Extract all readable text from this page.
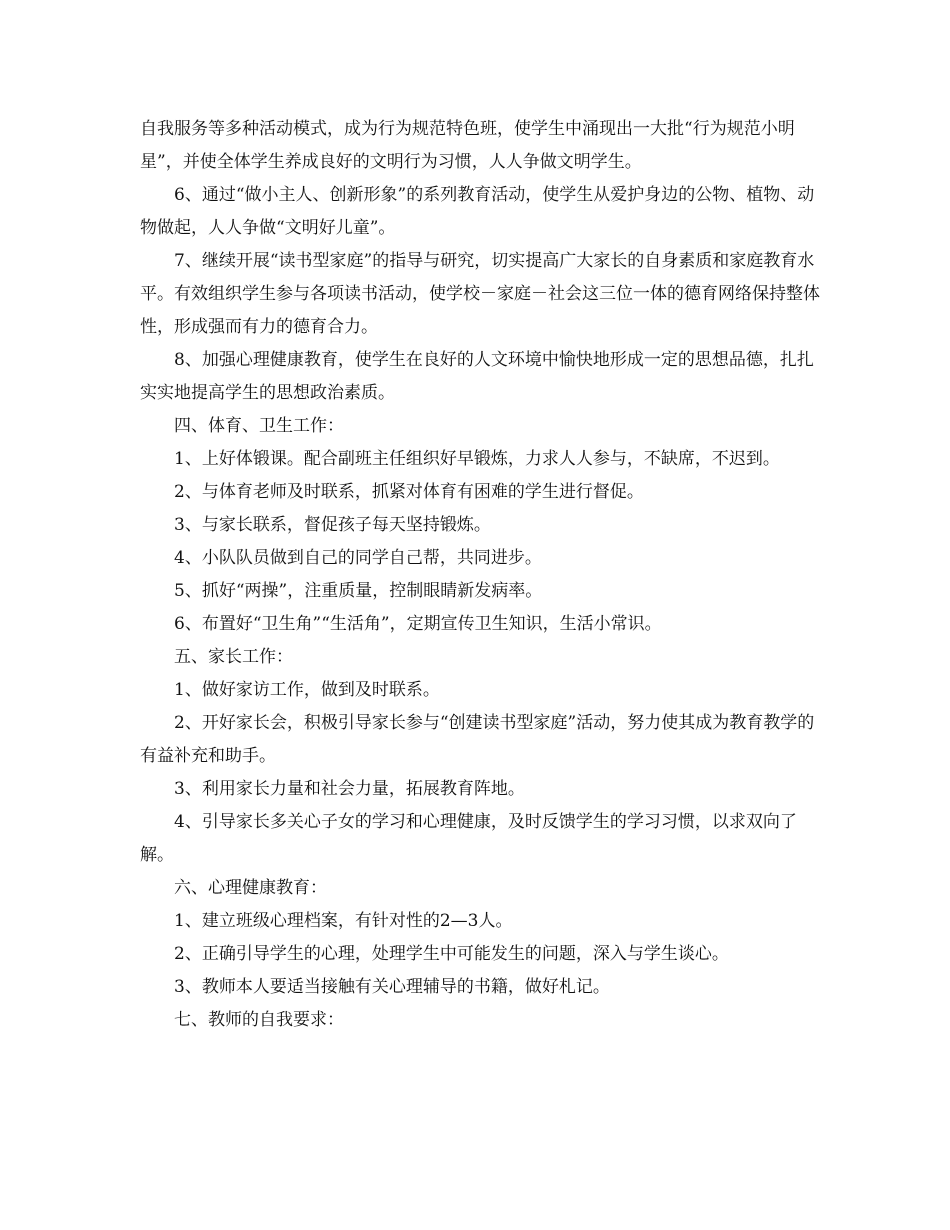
自我服务等多种活动模式，成为行为规范特色班，使学生中涌现出一大批“行为规范小明星”，并使全体学生养成良好的文明行为习惯，人人争做文明学生。

6、通过“做小主人、创新形象”的系列教育活动，使学生从爱护身边的公物、植物、动物做起，人人争做“文明好儿童”。

7、继续开展“读书型家庭”的指导与研究，切实提高广大家长的自身素质和家庭教育水平。有效组织学生参与各项读书活动，使学校－家庭－社会这三位一体的德育网络保持整体性，形成强而有力的德育合力。

8、加强心理健康教育，使学生在良好的人文环境中愉快地形成一定的思想品德，扎扎实实地提高学生的思想政治素质。

四、体育、卫生工作：

1、上好体锻课。配合副班主任组织好早锻炼，力求人人参与，不缺席，不迟到。

2、与体育老师及时联系，抓紧对体育有困难的学生进行督促。

3、与家长联系，督促孩子每天坚持锻炼。

4、小队队员做到自己的同学自己帮，共同进步。

5、抓好“两操”，注重质量，控制眼睛新发病率。

6、布置好“卫生角”“生活角”，定期宣传卫生知识，生活小常识。

五、家长工作：

1、做好家访工作，做到及时联系。

2、开好家长会，积极引导家长参与“创建读书型家庭”活动，努力使其成为教育教学的有益补充和助手。

3、利用家长力量和社会力量，拓展教育阵地。

4、引导家长多关心子女的学习和心理健康，及时反馈学生的学习习惯，以求双向了解。

六、心理健康教育：

1、建立班级心理档案，有针对性的2—3人。

2、正确引导学生的心理，处理学生中可能发生的问题，深入与学生谈心。

3、教师本人要适当接触有关心理辅导的书籍，做好札记。

七、教师的自我要求：
